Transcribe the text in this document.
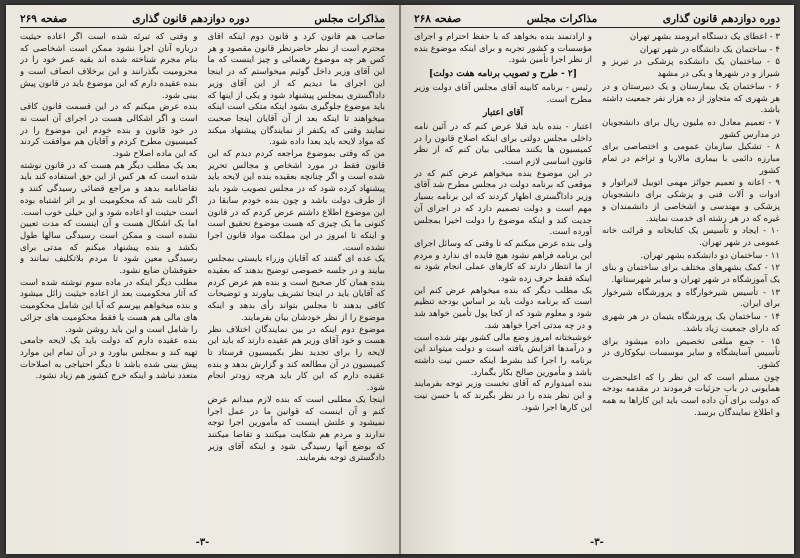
مذاکرات مجلس
دوره دوازدهم قانون گذاری
صفحه ۲۶۹

صاحب هم قانون کرد و قانون دوم اینکه آقای محترم است از نظر حاضرنظر قانون مقصود و هر کس هر چه موضوع رهنمائی و چیز اینست که ما این آقای وزیر داخل گوئیم میخواستم که در اینجا این اجرای ما دیدیم که از این آقای وزیر داداگستری بمجلس پیشنهاد شود و یکی از اینها که باید موضوع جلوگیری بشود اینکه متکی است اینکه میخواهند تا اینکه بعد از آن آقایان اینجا صحبت نمایند وقتی که یکنفر از نمایندگان پیشنهاد میکند که مواد لایحه باید بعدا داده شود.

من که وقتی بموضوع مراجعه کردم دیدم که این قانون فقط در مورد اشخاص و مجالس تحریر شده است و اگر چنانچه بعقیده بنده این لایحه باید پیشنهاد کرده شود که در مجلس تصویب شود باید از طرف دولت باشد و چون بنده خودم سابقا در این موضوع اطلاع داشتم عرض کردم که در قانون کنونی ما یک چیزی که هست موضوع تحقیق است و اینکه تا امروز در این مملکت مواد قانون اجرا نشده است.

یک عده ای گفتند که آقایان وزراء بایستی بمجلس بیایند و در جلسه خصوصی توضیح بدهند که بعقیده بنده همان کار صحیح است و بنده هم عرض کردم که آقایان باید در اینجا تشریف بیاورند و توضیحات کافی بدهند تا مجلس بتواند رأی بدهد و اینکه موضوع را از نظر خودشان بیان بفرمایند.

موضوع دوم اینکه در بین نمایندگان اختلاف نظر هست و خود آقای وزیر هم عقیده دارند که باید این لایحه را برای تجدید نظر بکمیسیون فرستاد تا کمیسیون در آن مطالعه کند و گزارش بدهد و بنده عقیده دارم که این کار باید هرچه زودتر انجام شود.

اینجا یک مطلبی است که بنده لازم میدانم عرض کنم و آن اینست که قوانین ما در عمل اجرا نمیشود و علتش اینست که مأمورین اجرا توجه ندارند و مردم هم شکایت میکنند و تقاضا میکنند که بوضع آنها رسیدگی شود و اینکه آقای وزیر دادگستری توجه بفرمایند.

و وقتی که تبرئه شده است اگر اعاده حیثیت درباره آنان اجرا نشود ممکن است اشخاصی که بنام مجرم شناخته شده اند بقیه عمر خود را در محرومیت بگذرانند و این برخلاف انصاف است و بنده عقیده دارم که این موضوع باید در قانون پیش بینی شود.

بنده عرض میکنم که در این قسمت قانون کافی است و اگر اشکالی هست در اجرای آن است نه در خود قانون و بنده خودم این موضوع را در کمیسیون مطرح کردم و آقایان هم موافقت کردند که این ماده اصلاح شود.

بعد یک مطلب دیگر هم هست که در قانون نوشته شده است که هر کس از این حق استفاده کند باید تقاضانامه بدهد و مراجع قضائی رسیدگی کنند و اگر ثابت شد که محکومیت او بر اثر اشتباه بوده است حیثیت او اعاده شود و این خیلی خوب است.

اما یک اشکال هست و آن اینست که مدت تعیین نشده است و ممکن است رسیدگی سالها طول بکشد و بنده پیشنهاد میکنم که مدتی برای رسیدگی معین شود تا مردم بلاتکلیف نمانند و حقوقشان ضایع نشود.

مطلب دیگر اینکه در ماده سوم نوشته شده است که آثار محکومیت بعد از اعاده حیثیت زائل میشود و بنده میخواهم بپرسم که آیا این شامل محکومیت های مالی هم هست یا فقط محکومیت های جزائی را شامل است و این باید روشن شود.

بنده عقیده دارم که دولت باید یک لایحه جامعی تهیه کند و بمجلس بیاورد و در آن تمام این موارد پیش بینی شده باشد تا دیگر احتیاجی به اصلاحات متعدد نباشد و اینکه خرج کشور هم زیاد نشود.

-۳-
دوره دوازدهم قانون گذاری
مذاکرات مجلس
صفحه ۲۶۸

۳ - اعطای یک دستگاه آبرومند بشهر تهران

۴ - ساختمان یک دانشگاه در شهر تهران

۵ - ساختمان یک دانشکده پزشکی در تبریز و شیراز و در شهرها و یکی در مشهد

۶ - ساختمان یک بیمارستان و یک دبیرستان و در هر شهری که متجاوز از ده هزار نفر جمعیت داشته باشد.

۷ - تعمیم معادل ده ملیون ریال برای دانشجویان در مدارس کشور

۸ - تشکیل سازمان عمومی و اختصاصی برای مبارزه دائمی با بیماری مالاریا و تراخم در تمام کشور

۹ - اعانه و تعمیم جوائز مهمی اتوبیل لابراتوار و ادوات و آلات فنی و پزشکی برای دانشجویان پزشکی و مهندسی و اشخاصی از دانشمندان و غیره که در هر رشته ای خدمت نمایند.

۱۰ - ایجاد و تأسیس یک کتابخانه و قرائت خانه عمومی در شهر تهران.

۱۱ - ساختمان دو دانشکده بشهر تهران.

۱۲ - کمک بشهرهای مختلف برای ساختمان و بنای یک آموزشگاه در شهر تهران و سایر شهرستانها.

۱۳ - تأسیس شیرخوارگاه و پرورشگاه شیرخوار برای ایران.

۱۴ - ساختمان یک پرورشگاه یتیمان در هر شهری که دارای جمعیت زیاد باشد.

۱۵ - جمع مبلغی تخصیص داده میشود برای تأسیس آسایشگاه و سایر موسسات نیکوکاری در کشور.

چون مسلم است که این نظر را که اعلیحضرت همایونی در باب جزئیات فرمودند در مقدمه بودجه که دولت برای آن داده است باید این کاراها به همه و اطلاع نمایندگان برسد.

و ارادتمند بنده بخواهد که با حفظ احترام و اجرای مؤسسات و کشور تجربه و برای اینکه موضوع بنده از نظر اجرا تأمین شود.

[۲ - طرح و تصویب برنامه هفت دولت]

رئیس - برنامه کابینه آقای مجلس آقای دولت وزیر مطرح است.

آقای اعتبار

اعتبار - بنده باید قبلا عرض کنم که در آئین نامه داخلی مجلس دولتی برای اینکه اصلاح قانون را در کمیسیون ها بکنند مطالبی بیان کنم که از نظر قانون اساسی لازم است.

در این موضوع بنده میخواهم عرض کنم که در موقعی که برنامه دولت در مجلس مطرح شد آقای وزیر داداگستری اظهار کردند که این برنامه بسیار مهم است و دولت تصمیم دارد که در اجرای آن جدیت کند و اینکه موضوع را دولت اخیرا بمجلس آورده است.

ولی بنده عرض میکنم که تا وقتی که وسائل اجرای این برنامه فراهم نشود هیچ فایده ای ندارد و مردم از ما انتظار دارند که کارهای عملی انجام شود نه اینکه فقط حرف زده شود.

یک مطلب دیگر که بنده میخواهم عرض کنم این است که برنامه دولت باید بر اساس بودجه تنظیم شود و معلوم شود که از کجا پول تأمین خواهد شد و در چه مدتی اجرا خواهد شد.

خوشبختانه امروز وضع مالی کشور بهتر شده است و درآمدها افزایش یافته است و دولت میتواند این برنامه را اجرا کند بشرط اینکه حسن نیت داشته باشد و مأمورین صالح بکار بگمارد.

بنده امیدوارم که آقای نخست وزیر توجه بفرمایند و این نظر بنده را در نظر بگیرند که با حسن نیت این کارها اجرا شود.

-۳-
